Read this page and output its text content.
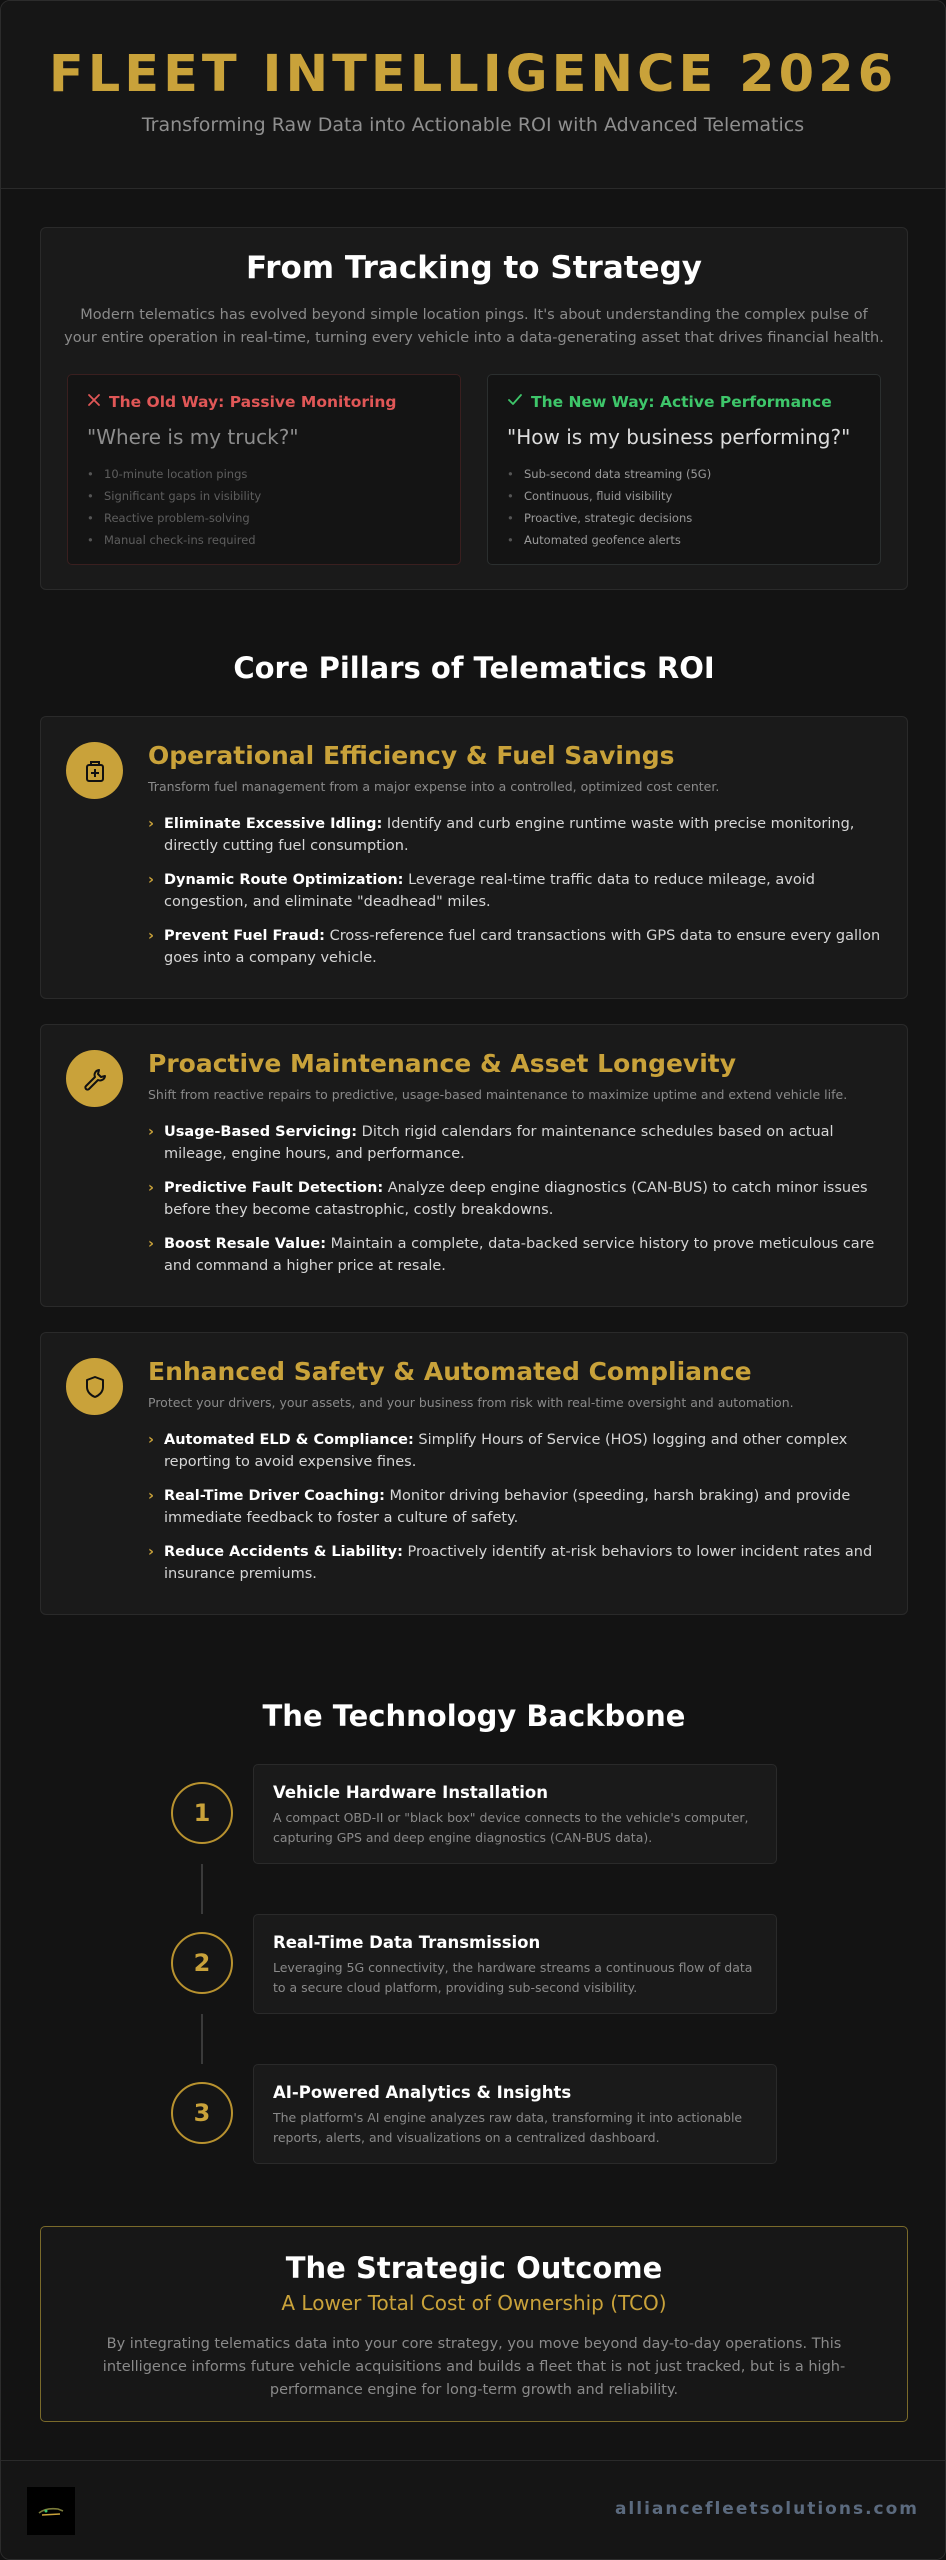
FLEET INTELLIGENCE 2026

Transforming Raw Data into Actionable ROI with Advanced Telematics

From Tracking to Strategy

Modern telematics has evolved beyond simple location pings. It's about understanding the complex pulse of your entire operation in real-time, turning every vehicle into a data-generating asset that drives financial health.

The Old Way: Passive Monitoring
"Where is my truck?"
• 10-minute location pings
• Significant gaps in visibility
• Reactive problem-solving
• Manual check-ins required
The New Way: Active Performance
"How is my business performing?"
• Sub-second data streaming (5G)
• Continuous, fluid visibility
• Proactive, strategic decisions
• Automated geofence alerts
Core Pillars of Telematics ROI
Operational Efficiency & Fuel Savings
Transform fuel management from a major expense into a controlled, optimized cost center.
› Eliminate Excessive Idling: Identify and curb engine runtime waste with precise monitoring, directly cutting fuel consumption.
› Dynamic Route Optimization: Leverage real-time traffic data to reduce mileage, avoid congestion, and eliminate "deadhead" miles.
› Prevent Fuel Fraud: Cross-reference fuel card transactions with GPS data to ensure every gallon goes into a company vehicle.
Proactive Maintenance & Asset Longevity
Shift from reactive repairs to predictive, usage-based maintenance to maximize uptime and extend vehicle life.
› Usage-Based Servicing: Ditch rigid calendars for maintenance schedules based on actual mileage, engine hours, and performance.
› Predictive Fault Detection: Analyze deep engine diagnostics (CAN-BUS) to catch minor issues before they become catastrophic, costly breakdowns.
› Boost Resale Value: Maintain a complete, data-backed service history to prove meticulous care and command a higher price at resale.
Enhanced Safety & Automated Compliance
Protect your drivers, your assets, and your business from risk with real-time oversight and automation.
› Automated ELD & Compliance: Simplify Hours of Service (HOS) logging and other complex reporting to avoid expensive fines.
› Real-Time Driver Coaching: Monitor driving behavior (speeding, harsh braking) and provide immediate feedback to foster a culture of safety.
› Reduce Accidents & Liability: Proactively identify at-risk behaviors to lower incident rates and insurance premiums.
The Technology Backbone
1
Vehicle Hardware Installation
A compact OBD-II or "black box" device connects to the vehicle's computer, capturing GPS and deep engine diagnostics (CAN-BUS data).
2
Real-Time Data Transmission
Leveraging 5G connectivity, the hardware streams a continuous flow of data to a secure cloud platform, providing sub-second visibility.
3
AI-Powered Analytics & Insights
The platform's AI engine analyzes raw data, transforming it into actionable reports, alerts, and visualizations on a centralized dashboard.
The Strategic Outcome
A Lower Total Cost of Ownership (TCO)

By integrating telematics data into your core strategy, you move beyond day-to-day operations. This intelligence informs future vehicle acquisitions and builds a fleet that is not just tracked, but is a high-performance engine for long-term growth and reliability.

alliancefleetsolutions.com
